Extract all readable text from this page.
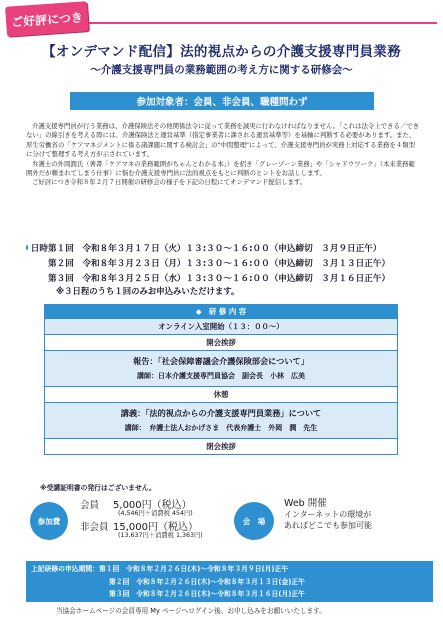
ご好評につき
【オンデマンド配信】法的視点からの介護支援専門員業務
～介護支援専門員の業務範囲の考え方に関する研修会～
参加対象者：会員、非会員、職種問わず

介護支援専門員が行う業務は、介護保険法その他関係法令に従って業務を誠実に行わなければなりません。「これは法令上できる／できない」の線引きを考える際には、介護保険法と運営基準（指定事業者に課される運営基準等）を基軸に判断する必要があります。また、厚生労働省の「ケアマネジメントに係る諸課題に関する検討会」の"中間整理"によって、介護支援専門員が実務上対応する業務を４類型に分けて整理する考え方が示されています。

弁護士の外岡潤氏（著書「ケアマネの業務範囲がちゃんとわかる本」）を招き「グレーゾーン業務」や「シャドウワーク」（本来業務範囲外だが頼まれてしまう仕事）に悩む介護支援専門員に法的視点をもとに判断のヒントをお話しします。

ご好評につき令和８年２月７日開催の研修会の様子を下記の日程にてオンデマンド配信します。

日時 第１回　令和８年３月１７日（火）１３:３０～１６:００（申込締切　３月９日正午）
第２回　令和８年３月２３日（月）１３:３０～１６:００（申込締切　３月１３日正午）
第３回　令和８年３月２５日（水）１３:３０～１６:００（申込締切　３月１６日正午）
※３日程のうち１回のみお申込みいただけます。
◆　研 修 内 容
オンライン入室開始（１３：００～）
開会挨拶
報告：「社会保障審議会介護保険部会について」
講師：日本介護支援専門員協会　副会長　小林　広美
休憩
講義：「法的視点からの介護支援専門員業務」について
講師：　弁護士法人おかげさま　代表弁護士　外岡　潤　先生
閉会挨拶
※受講証明書の発行はございません。
参加費
会員 5,000円（税込）
(4,546円＋消費税 454円)
非会員 15,000円（税込）
(13,637円＋消費税 1,363円)
会　場
Web 開催
インターネットの環境が
あればどこでも参加可能
上記研修の申込期間：第１回　令和８年２月２６日(木)～令和８年３月９日(月)正午
第２回　令和８年２月２６日(木)～令和８年３月１３日(金)正午
第３回　令和８年２月２６日(木)～令和８年３月１６日(月)正午
当協会ホームページの会員専用 My ページへログイン後、お申し込みをお願いいたします。
